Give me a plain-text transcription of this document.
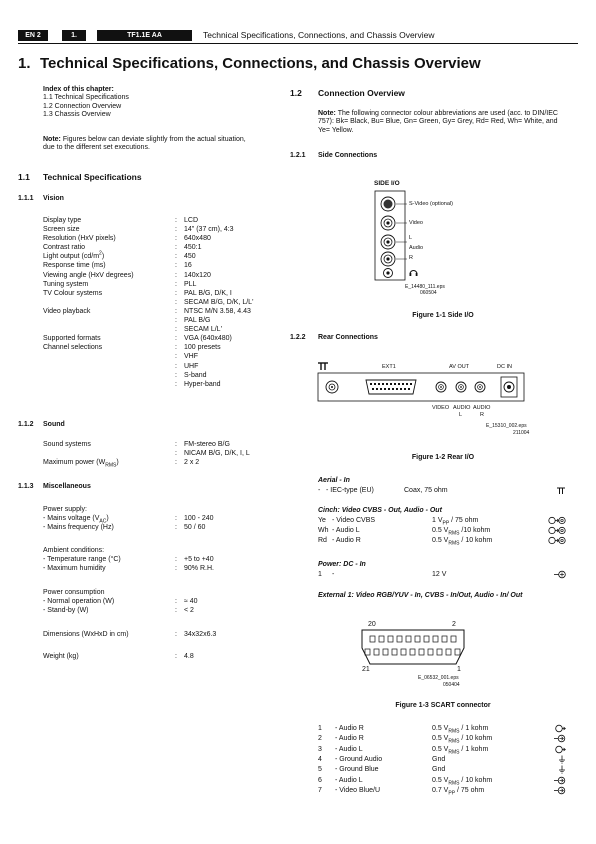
EN 2	1.	TF1.1E AA	Technical Specifications, Connections, and Chassis Overview
1. Technical Specifications, Connections, and Chassis Overview
Index of this chapter:
1.1 Technical Specifications
1.2 Connection Overview
1.3 Chassis Overview
Note: Figures below can deviate slightly from the actual situation, due to the different set executions.
1.1 Technical Specifications
1.1.1 Vision
Display type	: LCD
Screen size	: 14" (37 cm), 4:3
Resolution (HxV pixels)	: 640x480
Contrast ratio	: 450:1
Light output $(cd/m^2)$	: 450
Response time (ms)	: 16
Viewing angle (HxV degrees)	: 140x120
Tuning system	: PLL
TV Colour systems	: PAL B/G, D/K, I
: SECAM B/G, D/K, L/L'
Video playback	: NTSC M/N 3.58, 4.43
: PAL B/G
: SECAM L/L'
Supported formats	: VGA (640x480)
Channel selections	: 100 presets
: VHF
: UHF
: S-band
: Hyper-band
1.1.2 Sound
Sound systems	: FM-stereo B/G
: NICAM B/G, D/K, I, L
Maximum power $(W_{RMS})$	: 2 x 2
1.1.3 Miscellaneous
Power supply:
- Mains voltage $(V_{AC})$	: 100 - 240
- Mains frequency (Hz)	: 50 / 60
Ambient conditions:
- Temperature range (°C)	: +5 to +40
- Maximum humidity	: 90% R.H.
Power consumption
- Normal operation (W)	: ≈ 40
- Stand-by (W)	: < 2
Dimensions (WxHxD in cm)	: 34x32x6.3
Weight (kg)	: 4.8
1.2 Connection Overview
Note: The following connector colour abbreviations are used (acc. to DIN/IEC 757): Bk= Black, Bu= Blue, Gn= Green, Gy= Grey, Rd= Red, Wh= White, and Ye= Yellow.
1.2.1 Side Connections
SIDE I/O
S-Video (optional)
Video
L
Audio
R
E_14480_111.eps
060504
Figure 1-1 Side I/O
1.2.2 Rear Connections
EXT1	AV OUT	DC IN
VIDEO AUDIO AUDIO
L	R
E_15310_002.eps
211004
Figure 1-2 Rear I/O
Aerial - In
- - IEC-type (EU)	Coax, 75 ohm
Cinch: Video CVBS - Out, Audio - Out
Ye - Video CVBS	1 $V_{PP} / 75$ ohm
Wh - Audio L	0.5 $V_{RMS}$ /10 kohm
Rd - Audio R	0.5 $V_{RMS} / 10$ kohm
Power: DC - In
1 -	12 V
External 1: Video RGB/YUV - In, CVBS - In/Out, Audio - In/ Out
20	2
21	1
E_06532_001.eps
050404
Figure 1-3 SCART connector
1 - Audio R	0.5 $V_{RMS} / 1$ kohm
2 - Audio R	0.5 $V_{RMS} / 10$ kohm
3 - Audio L	0.5 $V_{RMS} / 1$ kohm
4 - Ground Audio	Gnd
5 - Ground Blue	Gnd
6 - Audio L	0.5 $V_{RMS} / 10$ kohm
7 - Video Blue/U	0.7 $V_{PP} / 75$ ohm
